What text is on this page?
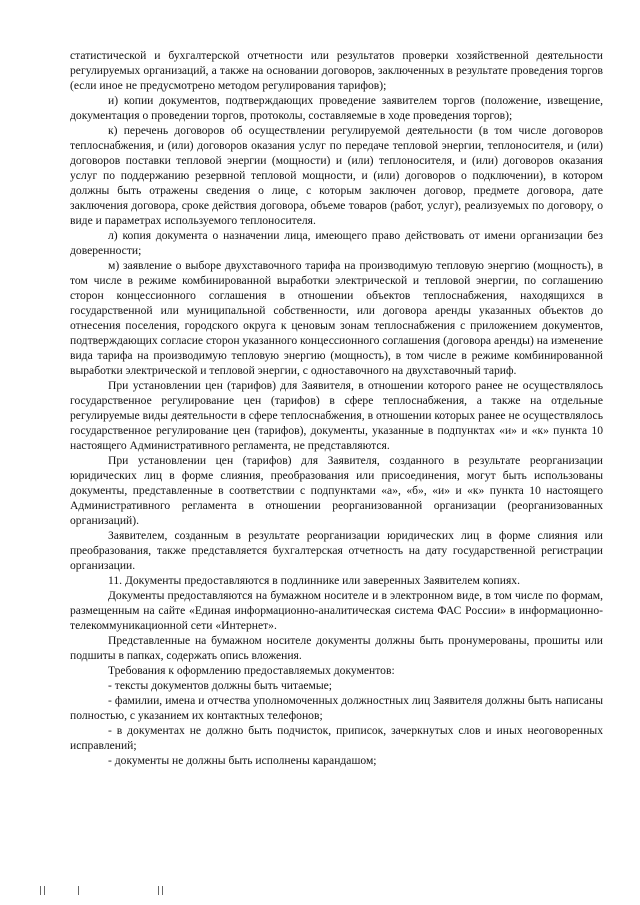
статистической и бухгалтерской отчетности или результатов проверки хозяйственной деятельности регулируемых организаций, а также на основании договоров, заключенных в результате проведения торгов (если иное не предусмотрено методом регулирования тарифов);

и) копии документов, подтверждающих проведение заявителем торгов (положение, извещение, документация о проведении торгов, протоколы, составляемые в ходе проведения торгов);

к) перечень договоров об осуществлении регулируемой деятельности (в том числе договоров теплоснабжения, и (или) договоров оказания услуг по передаче тепловой энергии, теплоносителя, и (или) договоров поставки тепловой энергии (мощности) и (или) теплоносителя, и (или) договоров оказания услуг по поддержанию резервной тепловой мощности, и (или) договоров о подключении), в котором должны быть отражены сведения о лице, с которым заключен договор, предмете договора, дате заключения договора, сроке действия договора, объеме товаров (работ, услуг), реализуемых по договору, о виде и параметрах используемого теплоносителя.

л) копия документа о назначении лица, имеющего право действовать от имени организации без доверенности;

м) заявление о выборе двухставочного тарифа на производимую тепловую энергию (мощность), в том числе в режиме комбинированной выработки электрической и тепловой энергии, по соглашению сторон концессионного соглашения в отношении объектов теплоснабжения, находящихся в государственной или муниципальной собственности, или договора аренды указанных объектов до отнесения поселения, городского округа к ценовым зонам теплоснабжения с приложением документов, подтверждающих согласие сторон указанного концессионного соглашения (договора аренды) на изменение вида тарифа на производимую тепловую энергию (мощность), в том числе в режиме комбинированной выработки электрической и тепловой энергии, с одноставочного на двухставочный тариф.

При установлении цен (тарифов) для Заявителя, в отношении которого ранее не осуществлялось государственное регулирование цен (тарифов) в сфере теплоснабжения, а также на отдельные регулируемые виды деятельности в сфере теплоснабжения, в отношении которых ранее не осуществлялось государственное регулирование цен (тарифов), документы, указанные в подпунктах «и» и «к» пункта 10 настоящего Административного регламента, не представляются.

При установлении цен (тарифов) для Заявителя, созданного в результате реорганизации юридических лиц в форме слияния, преобразования или присоединения, могут быть использованы документы, представленные в соответствии с подпунктами «а», «б», «и» и «к» пункта 10 настоящего Административного регламента в отношении реорганизованной организации (реорганизованных организаций).

Заявителем, созданным в результате реорганизации юридических лиц в форме слияния или преобразования, также представляется бухгалтерская отчетность на дату государственной регистрации организации.

11. Документы предоставляются в подлиннике или заверенных Заявителем копиях.

Документы предоставляются на бумажном носителе и в электронном виде, в том числе по формам, размещенным на сайте «Единая информационно-аналитическая система ФАС России» в информационно-телекоммуникационной сети «Интернет».

Представленные на бумажном носителе документы должны быть пронумерованы, прошиты или подшиты в папках, содержать опись вложения.

Требования к оформлению предоставляемых документов:

- тексты документов должны быть читаемые;

- фамилии, имена и отчества уполномоченных должностных лиц Заявителя должны быть написаны полностью, с указанием их контактных телефонов;

- в документах не должно быть подчисток, приписок, зачеркнутых слов и иных неоговоренных исправлений;

- документы не должны быть исполнены карандашом;
